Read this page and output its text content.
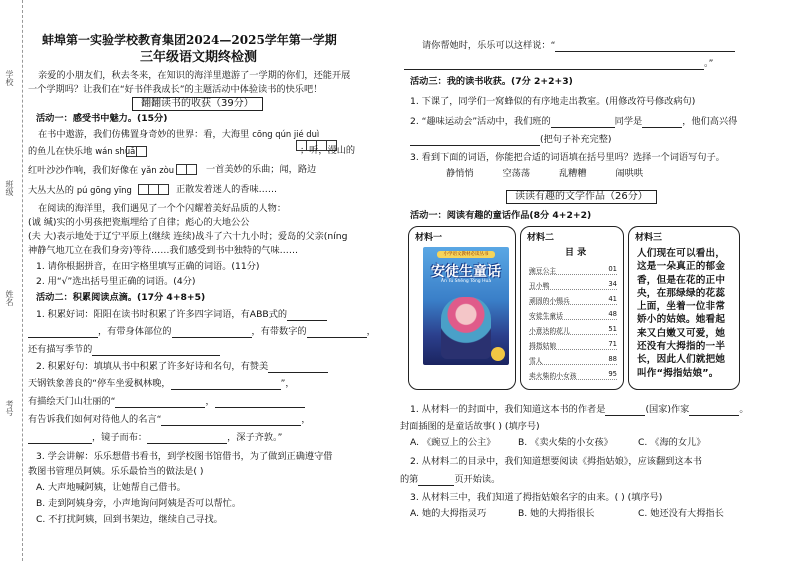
学校
班级
姓名
考号
蚌埠第一实验学校教育集团2024—2025学年第一学期
三年级语文期终检测
亲爱的小朋友们，秋去冬来，在知识的海洋里遨游了一学期的你们，还能开展
一个学期吗？让我们在“好书伴我成长”的主题活动中体验读书的快乐吧！
翻翻读书的收获（39分）
活动一：感受书中魅力。(15分)
在书中遨游，我们仿佛置身奇妙的世界：看，大海里 cōng qún jié duì
的鱼儿在快乐地 wán shuǎ	；听，漫山的
红叶沙沙作响，我们好像在 yǎn zòu	一首美妙的乐曲；闻，路边
大丛大丛的 pú gōng yīng	正散发着迷人的香味……
在阅读的海洋里，我们遇见了一个个闪耀着美好品质的人物：
(诚 缄)实的小男孩把瓷瓶埋给了自律；彪心的大地公公
(夫 大)表示地处于辽宁平原上(继续 连续)战斗了六十九小时；爱岛的父亲(níng
神静气地兀立在我们身旁)等待……我们感受到书中独特的气味……
1. 请你根据拼音，在田字格里填写正确的词语。(11分)
2. 用“√”选出括号里正确的词语。(4分)
活动二：积累阅读点滴。(17分 4+8+5)
1. 积累好词：阳阳在读书时积累了许多四字词语，有ABB式的
，有带身体部位的	，有带数字的	，
还有描写季节的
2. 积累好句：填填从书中积累了许多好诗和名句，有赞美
天钢铁象善良的“停车坐爱枫林晚，	”，
有描绘天门山壮丽的“	，
有告诉我们如何对待他人的名言“	，
，镜子而布：	，深子齐敦。”
3. 学会讲解：乐乐想借书看书，到学校图书馆借书，为了做到正确遵守借
教图书管理员阿姨。乐乐最恰当的做法是( )
A. 大声地喊阿姨，让她帮自己借书。
B. 走到阿姨身旁，小声地询问阿姨是否可以帮忙。
C. 不打扰阿姨，回到书架边，继续自己寻找。
请你帮她时，乐乐可以这样说：“
。”
活动三：我的读书收获。(7分 2+2+3)
1. 下课了，同学们一窝蜂似的有序地走出教室。(用修改符号修改病句)
2. “趣味运动会”活动中，我们班的	同学是	，他们高兴得
(把句子补充完整)
3. 看到下面的词语，你能把合适的词语填在括号里吗？选择一个词语写句子。
静悄悄	空荡荡	乱糟糟	闹哄哄
读读有趣的文学作品（26分）
活动一：阅读有趣的童话作品(8分 4+2+2)
材料一
小学语文教材必读丛书
安徒生童话
Ān Tú Shēng Tóng Huà
材料二
目 录
豌豆公主	01
丑小鸭	34
顽固的小锡兵	41
安徒生童话	48
小意达的花儿	51
拇指姑娘	71
雪人	88
卖火柴的小女孩	95
材料三
人们现在可以看出，这是一朵真正的郁金香，但是在花的正中央，在那绿绿的花蕊上面，坐着一位非常娇小的姑娘。她看起来又白嫩又可爱，她还没有大拇指的一半长，因此人们就把她叫作“拇指姑娘”。
1. 从材料一的封面中，我们知道这本书的作者是	(国家)作家	。
封面插图的是童话故事( ) (填序号)
A. 《豌豆上的公主》 B. 《卖火柴的小女孩》	C. 《海的女儿》
2. 从材料二的目录中，我们知道想要阅读《拇指姑娘》，应该翻到这本书
的第	页开始读。
3. 从材料三中，我们知道了拇指姑娘名字的由来。( ) (填序号)
A. 她的大拇指灵巧	B. 她的大拇指很长	C. 她还没有大拇指长
